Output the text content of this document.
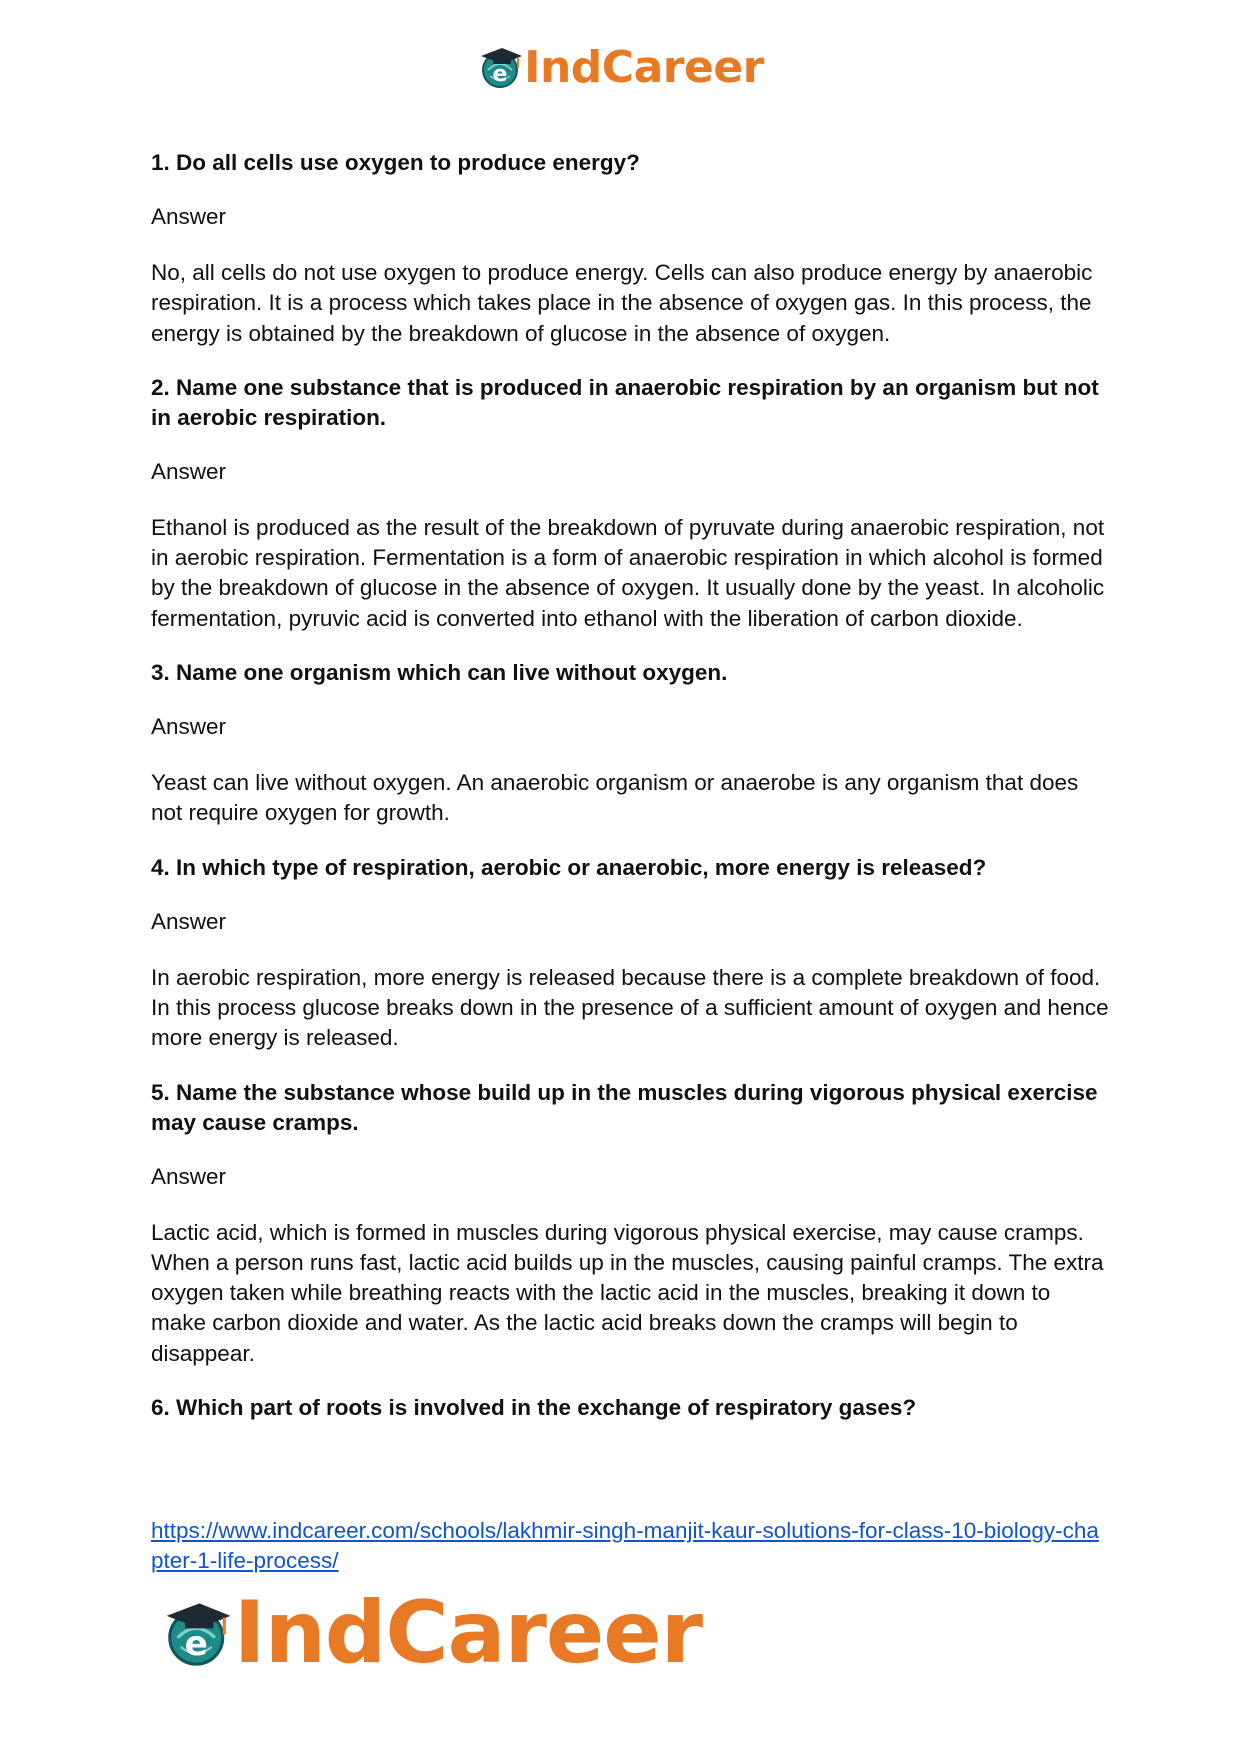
e IndCareer

1. Do all cells use oxygen to produce energy?

Answer

No, all cells do not use oxygen to produce energy. Cells can also produce energy by anaerobic respiration. It is a process which takes place in the absence of oxygen gas. In this process, the energy is obtained by the breakdown of glucose in the absence of oxygen.

2. Name one substance that is produced in anaerobic respiration by an organism but not in aerobic respiration.

Answer

Ethanol is produced as the result of the breakdown of pyruvate during anaerobic respiration, not in aerobic respiration. Fermentation is a form of anaerobic respiration in which alcohol is formed by the breakdown of glucose in the absence of oxygen. It usually done by the yeast. In alcoholic fermentation, pyruvic acid is converted into ethanol with the liberation of carbon dioxide.

3. Name one organism which can live without oxygen.

Answer

Yeast can live without oxygen. An anaerobic organism or anaerobe is any organism that does not require oxygen for growth.

4. In which type of respiration, aerobic or anaerobic, more energy is released?

Answer

In aerobic respiration, more energy is released because there is a complete breakdown of food. In this process glucose breaks down in the presence of a sufficient amount of oxygen and hence more energy is released.

5. Name the substance whose build up in the muscles during vigorous physical exercise may cause cramps.

Answer

Lactic acid, which is formed in muscles during vigorous physical exercise, may cause cramps. When a person runs fast, lactic acid builds up in the muscles, causing painful cramps. The extra oxygen taken while breathing reacts with the lactic acid in the muscles, breaking it down to make carbon dioxide and water. As the lactic acid breaks down the cramps will begin to disappear.

6. Which part of roots is involved in the exchange of respiratory gases?

https://www.indcareer.com/schools/lakhmir-singh-manjit-kaur-solutions-for-class-10-biology-chapter-1-life-process/
e IndCareer
